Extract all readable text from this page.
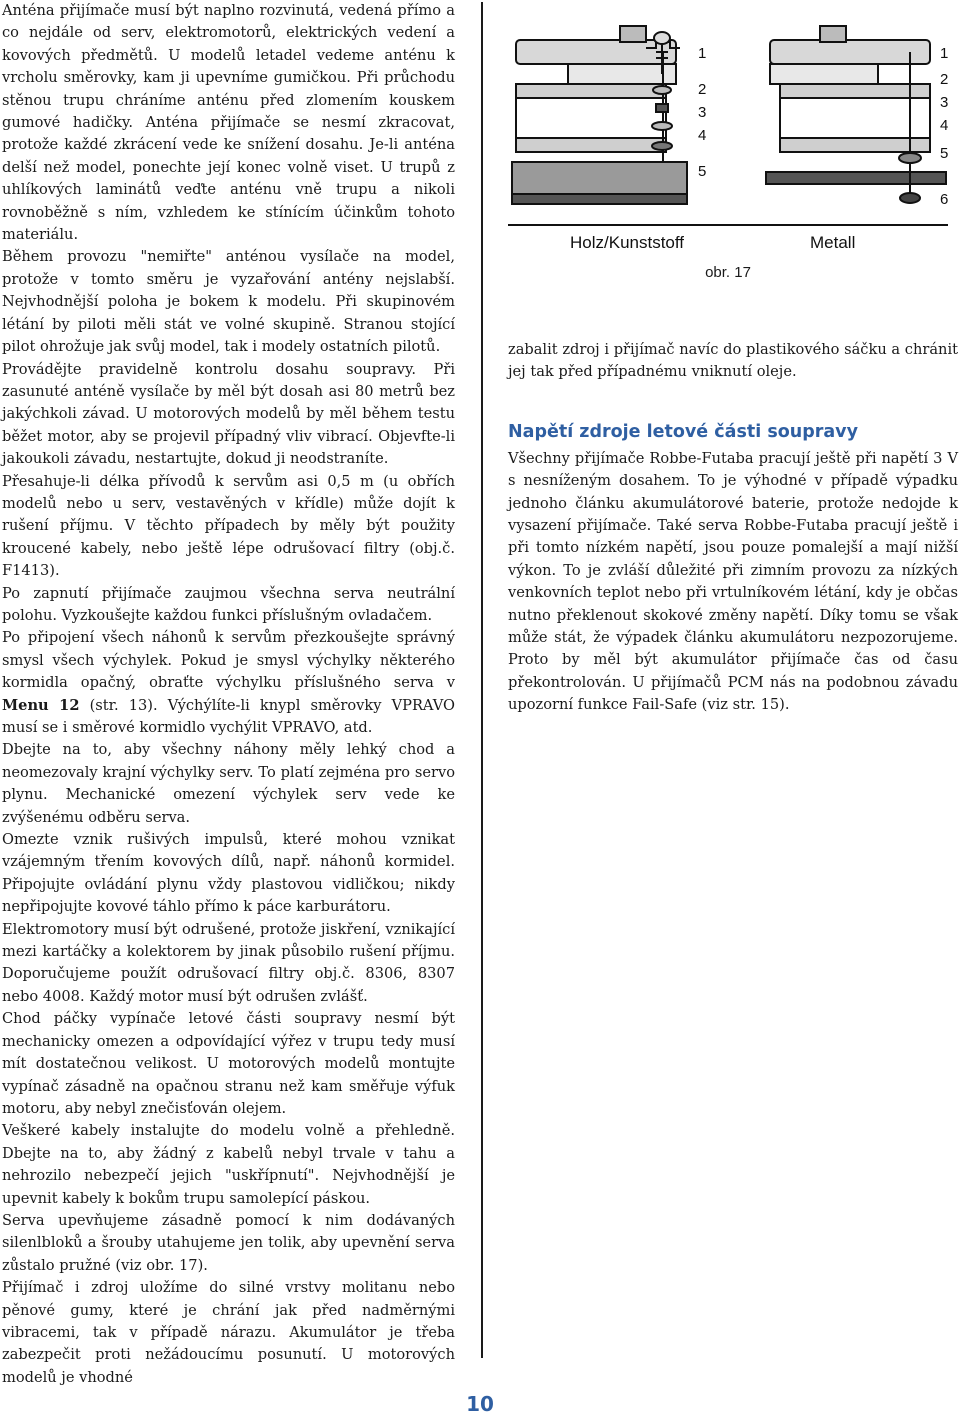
Anténa přijímače musí být naplno rozvinutá, vedená přímo a co nejdále od serv, elektromotorů, elektrických vedení a kovových předmětů. U modelů letadel vedeme anténu k vrcholu směrovky, kam ji upevníme gumičkou. Při průchodu stěnou trupu chráníme anténu před zlomením kouskem gumové hadičky. Anténa přijímače se nesmí zkracovat, protože každé zkrácení vede ke snížení dosahu. Je-li anténa delší než model, ponechte její konec volně viset. U trupů z uhlíkových laminátů veďte anténu vně trupu a nikoli rovnoběžně s ním, vzhledem ke stínícím účinkům tohoto materiálu.

Během provozu "nemiřte" anténou vysílače na model, protože v tomto směru je vyzařování antény nejslabší. Nejvhodnější poloha je bokem k modelu. Při skupinovém létání by piloti měli stát ve volné skupině. Stranou stojící pilot ohrožuje jak svůj model, tak i modely ostatních pilotů.

Provádějte pravidelně kontrolu dosahu soupravy. Při zasunuté anténě vysílače by měl být dosah asi 80 metrů bez jakýchkoli závad. U motorových modelů by měl během testu běžet motor, aby se projevil případný vliv vibrací. Objevfte-li jakoukoli závadu, nestartujte, dokud ji neodstraníte.

Přesahuje-li délka přívodů k servům asi 0,5 m (u obřích modelů nebo u serv, vestavěných v křídle) může dojít k rušení příjmu. V těchto případech by měly být použity kroucené kabely, nebo ještě lépe odrušovací filtry (obj.č. F1413).

Po zapnutí přijímače zaujmou všechna serva neutrální polohu. Vyzkoušejte každou funkci příslušným ovladačem.

Po připojení všech náhonů k servům přezkoušejte správný smysl všech výchylek. Pokud je smysl výchylky některého kormidla opačný, obraťte výchylku příslušného serva v Menu 12 (str. 13). Výchýlíte-li knypl směrovky VPRAVO musí se i směrové kormidlo vychýlit VPRAVO, atd.

Dbejte na to, aby všechny náhony měly lehký chod a neomezovaly krajní výchylky serv. To platí zejména pro servo plynu. Mechanické omezení výchylek serv vede ke zvýšenému odběru serva.

Omezte vznik rušivých impulsů, které mohou vznikat vzájemným třením kovových dílů, např. náhonů kormidel. Připojujte ovládání plynu vždy plastovou vidličkou; nikdy nepřipojujte kovové táhlo přímo k páce karburátoru.

Elektromotory musí být odrušené, protože jiskření, vznikající mezi kartáčky a kolektorem by jinak působilo rušení příjmu. Doporučujeme použít odrušovací filtry obj.č. 8306, 8307 nebo 4008. Každý motor musí být odrušen zvlášť.

Chod páčky vypínače letové části soupravy nesmí být mechanicky omezen a odpovídající výřez v trupu tedy musí mít dostatečnou velikost. U motorových modelů montujte vypínač zásadně na opačnou stranu než kam směřuje výfuk motoru, aby nebyl znečisťován olejem.

Veškeré kabely instalujte do modelu volně a přehledně. Dbejte na to, aby žádný z kabelů nebyl trvale v tahu a nehrozilo nebezpečí jejich "uskřípnutí". Nejvhodnější je upevnit kabely k bokům trupu samolepící páskou.

Serva upevňujeme zásadně pomocí k nim dodávaných silenlbloků a šrouby utahujeme jen tolik, aby upevnění serva zůstalo pružné (viz obr. 17).

Přijímač i zdroj uložíme do silné vrstvy molitanu nebo pěnové gumy, které je chrání jak před nadměrnými vibracemi, tak v případě nárazu. Akumulátor je třeba zabezpečit proti nežádoucímu posunutí. U motorových modelů je vhodné

1
2
3
4
5
1
2
3
4
5
6
Holz/Kunststoff	Metall
obr. 17

zabalit zdroj i přijímač navíc do plastikového sáčku a chránit jej tak před případnému vniknutí oleje.

Napětí zdroje letové části soupravy

Všechny přijímače Robbe-Futaba pracují ještě při napětí 3 V s nesníženým dosahem. To je výhodné v případě výpadku jednoho článku akumulátorové baterie, protože nedojde k vysazení přijímače. Také serva Robbe-Futaba pracují ještě i při tomto nízkém napětí, jsou pouze pomalejší a mají nižší výkon. To je zvláší důležité při zimním provozu za nízkých venkovních teplot nebo při vrtulníkovém létání, kdy je občas nutno překlenout skokové změny napětí. Díky tomu se však může stát, že výpadek článku akumulátoru nezpozorujeme. Proto by měl být akumulátor přijímače čas od času překontrolován. U přijímačů PCM nás na podobnou závadu upozorní funkce Fail-Safe (viz str. 15).

10
